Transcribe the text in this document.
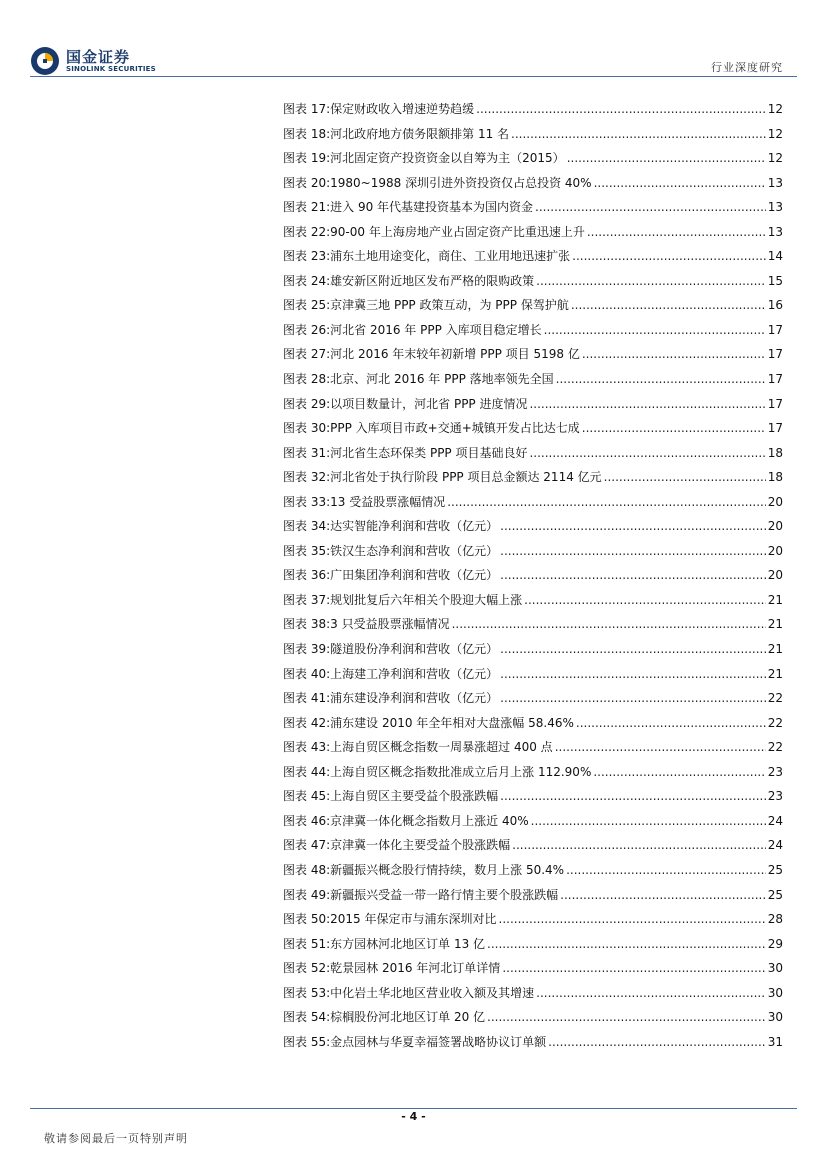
国金证券
SINOLINK SECURITIES	行业深度研究
图表 17: 保定财政收入增速逆势趋缓 .....	12
图表 18: 河北政府地方债务限额排第 11 名 .....	12
图表 19: 河北固定资产投资资金以自筹为主（2015） .....	12
图表 20: 1980~1988 深圳引进外资投资仅占总投资 40% .....	13
图表 21: 进入 90 年代基建投资基本为国内资金 .....	13
图表 22: 90-00 年上海房地产业占固定资产比重迅速上升 .....	13
图表 23: 浦东土地用途变化，商住、工业用地迅速扩张 .....	14
图表 24: 雄安新区附近地区发布严格的限购政策 .....	15
图表 25: 京津冀三地 PPP 政策互动，为 PPP 保驾护航 .....	16
图表 26: 河北省 2016 年 PPP 入库项目稳定增长 .....	17
图表 27: 河北 2016 年末较年初新增 PPP 项目 5198 亿 .....	17
图表 28: 北京、河北 2016 年 PPP 落地率领先全国 .....	17
图表 29: 以项目数量计，河北省 PPP 进度情况 .....	17
图表 30: PPP 入库项目市政+交通+城镇开发占比达七成 .....	17
图表 31: 河北省生态环保类 PPP 项目基础良好 .....	18
图表 32: 河北省处于执行阶段 PPP 项目总金额达 2114 亿元 .....	18
图表 33: 13 受益股票涨幅情况 .....	20
图表 34: 达实智能净利润和营收（亿元） .....	20
图表 35: 铁汉生态净利润和营收（亿元） .....	20
图表 36: 广田集团净利润和营收（亿元） .....	20
图表 37: 规划批复后六年相关个股迎大幅上涨 .....	21
图表 38: 3 只受益股票涨幅情况 .....	21
图表 39: 隧道股份净利润和营收（亿元） .....	21
图表 40: 上海建工净利润和营收（亿元） .....	21
图表 41: 浦东建设净利润和营收（亿元） .....	22
图表 42: 浦东建设 2010 年全年相对大盘涨幅 58.46% .....	22
图表 43: 上海自贸区概念指数一周暴涨超过 400 点 .....	22
图表 44: 上海自贸区概念指数批准成立后月上涨 112.90% .....	23
图表 45: 上海自贸区主要受益个股涨跌幅 .....	23
图表 46: 京津冀一体化概念指数月上涨近 40% .....	24
图表 47: 京津冀一体化主要受益个股涨跌幅 .....	24
图表 48: 新疆振兴概念股行情持续，数月上涨 50.4% .....	25
图表 49: 新疆振兴受益一带一路行情主要个股涨跌幅 .....	25
图表 50: 2015 年保定市与浦东深圳对比 .....	28
图表 51: 东方园林河北地区订单 13 亿 .....	29
图表 52: 乾景园林 2016 年河北订单详情 .....	30
图表 53: 中化岩土华北地区营业收入额及其增速 .....	30
图表 54: 棕榈股份河北地区订单 20 亿 .....	30
图表 55: 金点园林与华夏幸福签署战略协议订单额 .....	31
- 4 -
敬请参阅最后一页特别声明
